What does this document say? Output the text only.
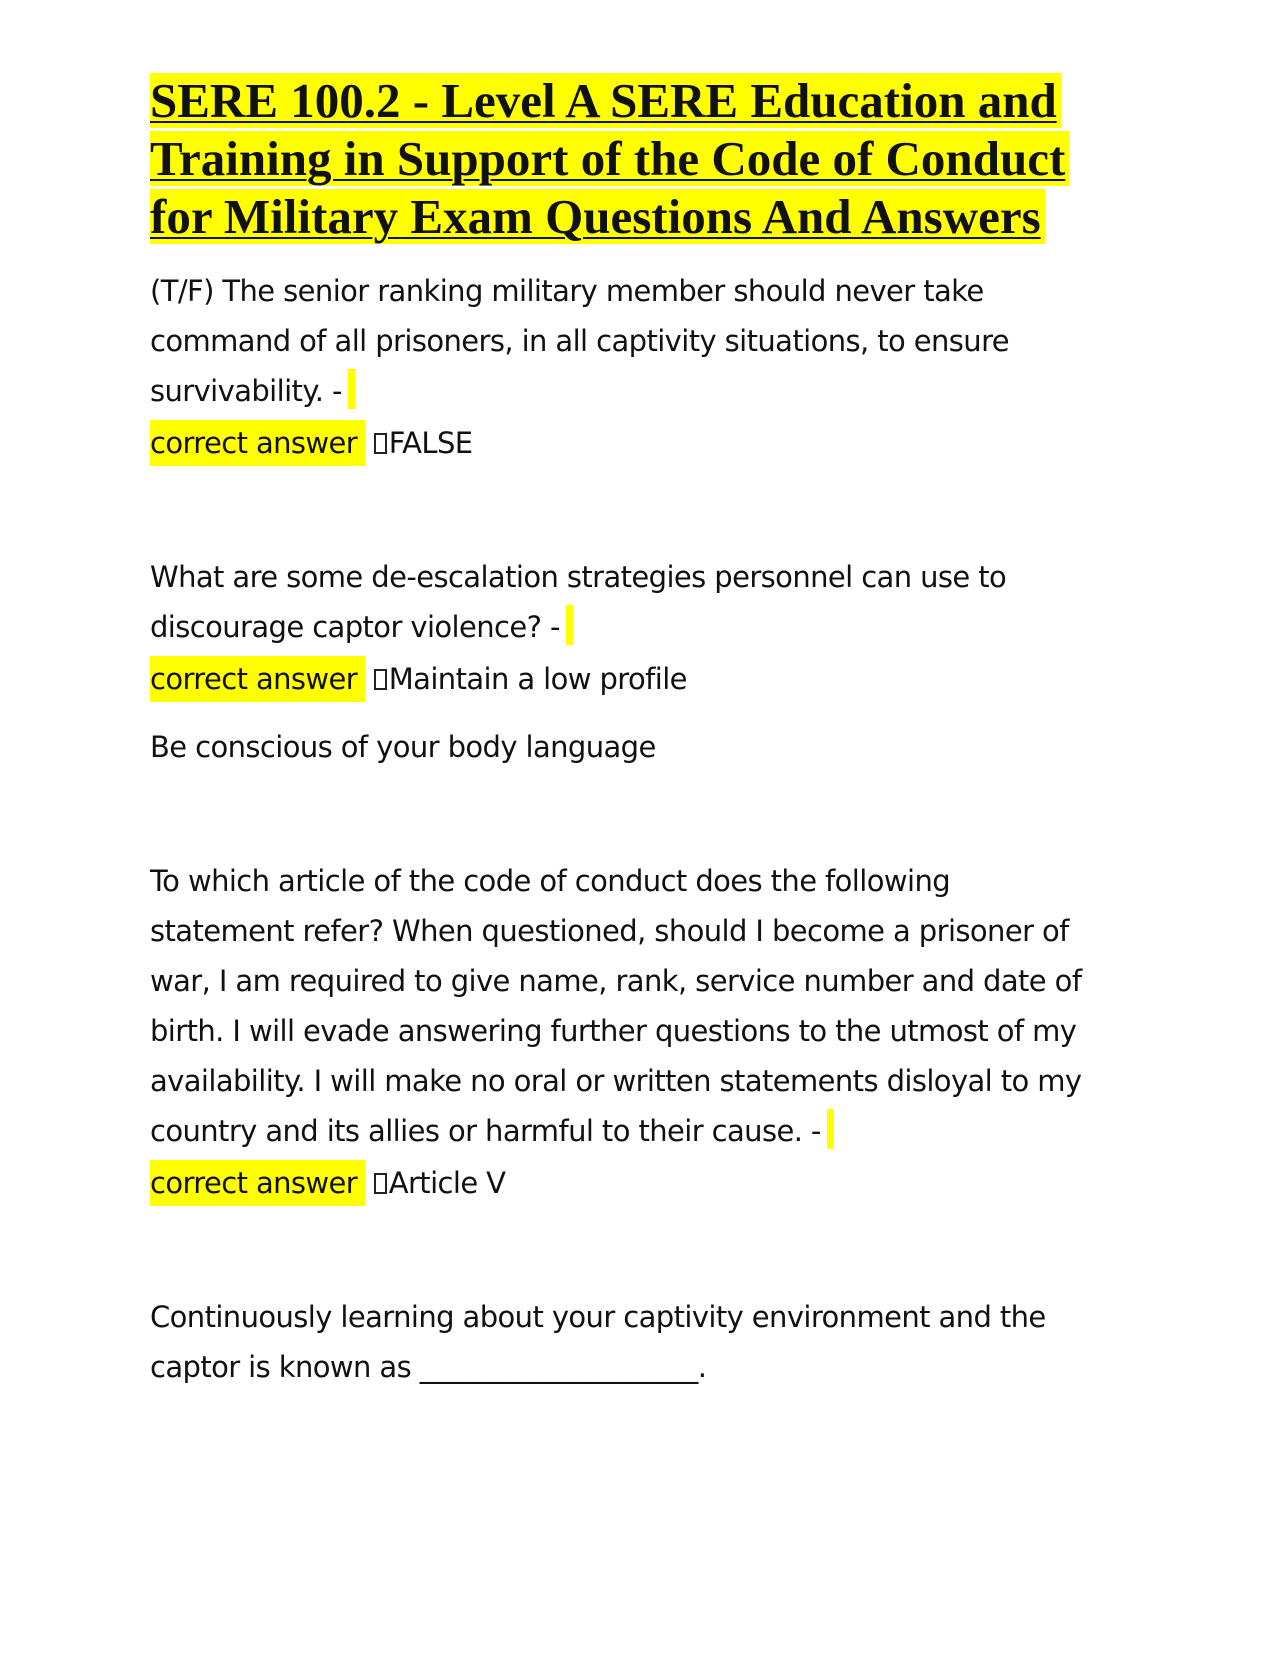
SERE 100.2 - Level A SERE Education and
Training in Support of the Code of Conduct
for Military Exam Questions And Answers

(T/F) The senior ranking military member should never take
command of all prisoners, in all captivity situations, to ensure
survivability. -

correct answer FALSE

What are some de-escalation strategies personnel can use to
discourage captor violence? -

correct answer Maintain a low profile

Be conscious of your body language

To which article of the code of conduct does the following
statement refer? When questioned, should I become a prisoner of
war, I am required to give name, rank, service number and date of
birth. I will evade answering further questions to the utmost of my
availability. I will make no oral or written statements disloyal to my
country and its allies or harmful to their cause. -

correct answer Article V

Continuously learning about your captivity environment and the
captor is known as ____________________.
